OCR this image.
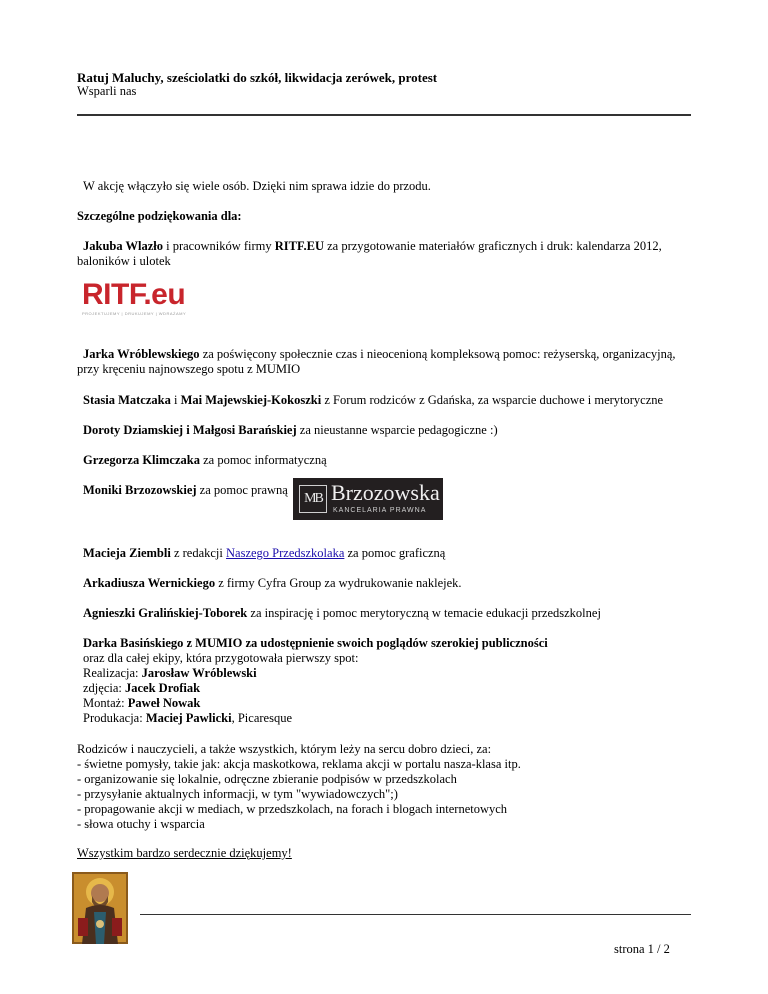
Ratuj Maluchy, sześciolatki do szkół, likwidacja zerówek, protest
Wsparli nas
W akcję włączyło się wiele osób. Dzięki nim sprawa idzie do przodu.
Szczególne podziękowania dla:
Jakuba Wlazło i pracowników firmy RITF.EU za przygotowanie materiałów graficznych i druk: kalendarza 2012, baloników i ulotek
RITF.eu
PROJEKTUJEMY | DRUKUJEMY | WDRAŻAMY
Jarka Wróblewskiego za poświęcony społecznie czas i nieocenioną kompleksową pomoc: reżyserską, organizacyjną, przy kręceniu najnowszego spotu z MUMIO
Stasia Matczaka i Mai Majewskiej-Kokoszki z Forum rodziców z Gdańska, za wsparcie duchowe i merytoryczne
Doroty Dziamskiej i Małgosi Barańskiej za nieustanne wsparcie pedagogiczne :)
Grzegorza Klimczaka za pomoc informatyczną
Moniki Brzozowskiej za pomoc prawną
MB Brzozowska
KANCELARIA PRAWNA
Macieja Ziembli z redakcji Naszego Przedszkolaka za pomoc graficzną
Arkadiusza Wernickiego z firmy Cyfra Group za wydrukowanie naklejek.
Agnieszki Gralińskiej-Toborek za inspirację i pomoc merytoryczną w temacie edukacji przedszkolnej
Darka Basińskiego z MUMIO za udostępnienie swoich poglądów szerokiej publiczności
oraz dla całej ekipy, która przygotowała pierwszy spot:
Realizacja: Jarosław Wróblewski
zdjęcia: Jacek Drofiak
Montaż: Paweł Nowak
Produkacja: Maciej Pawlicki, Picaresque
Rodziców i nauczycieli, a także wszystkich, którym leży na sercu dobro dzieci, za:
- świetne pomysły, takie jak: akcja maskotkowa, reklama akcji w portalu nasza-klasa itp.
- organizowanie się lokalnie, odręczne zbieranie podpisów w przedszkolach
- przysyłanie aktualnych informacji, w tym "wywiadowczych";)
- propagowanie akcji w mediach, w przedszkolach, na forach i blogach internetowych
- słowa otuchy i wsparcia
Wszystkim bardzo serdecznie dziękujemy!
strona 1 / 2
